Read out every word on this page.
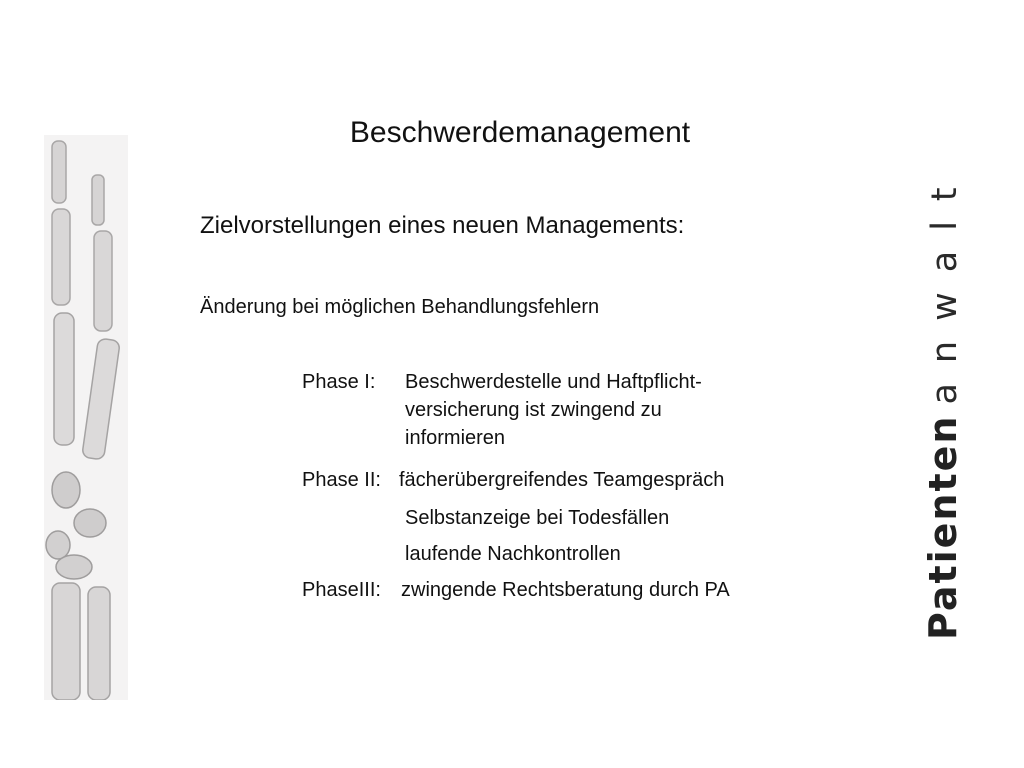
Patientenanwalt
Beschwerdemanagement
Zielvorstellungen eines neuen Managements:
Änderung bei möglichen Behandlungsfehlern
Phase I: Beschwerdestelle und Haftpflicht-
versicherung ist zwingend zu
informieren
Phase II: fächerübergreifendes Teamgespräch
Selbstanzeige bei Todesfällen
laufende Nachkontrollen
PhaseIII: zwingende Rechtsberatung durch PA
